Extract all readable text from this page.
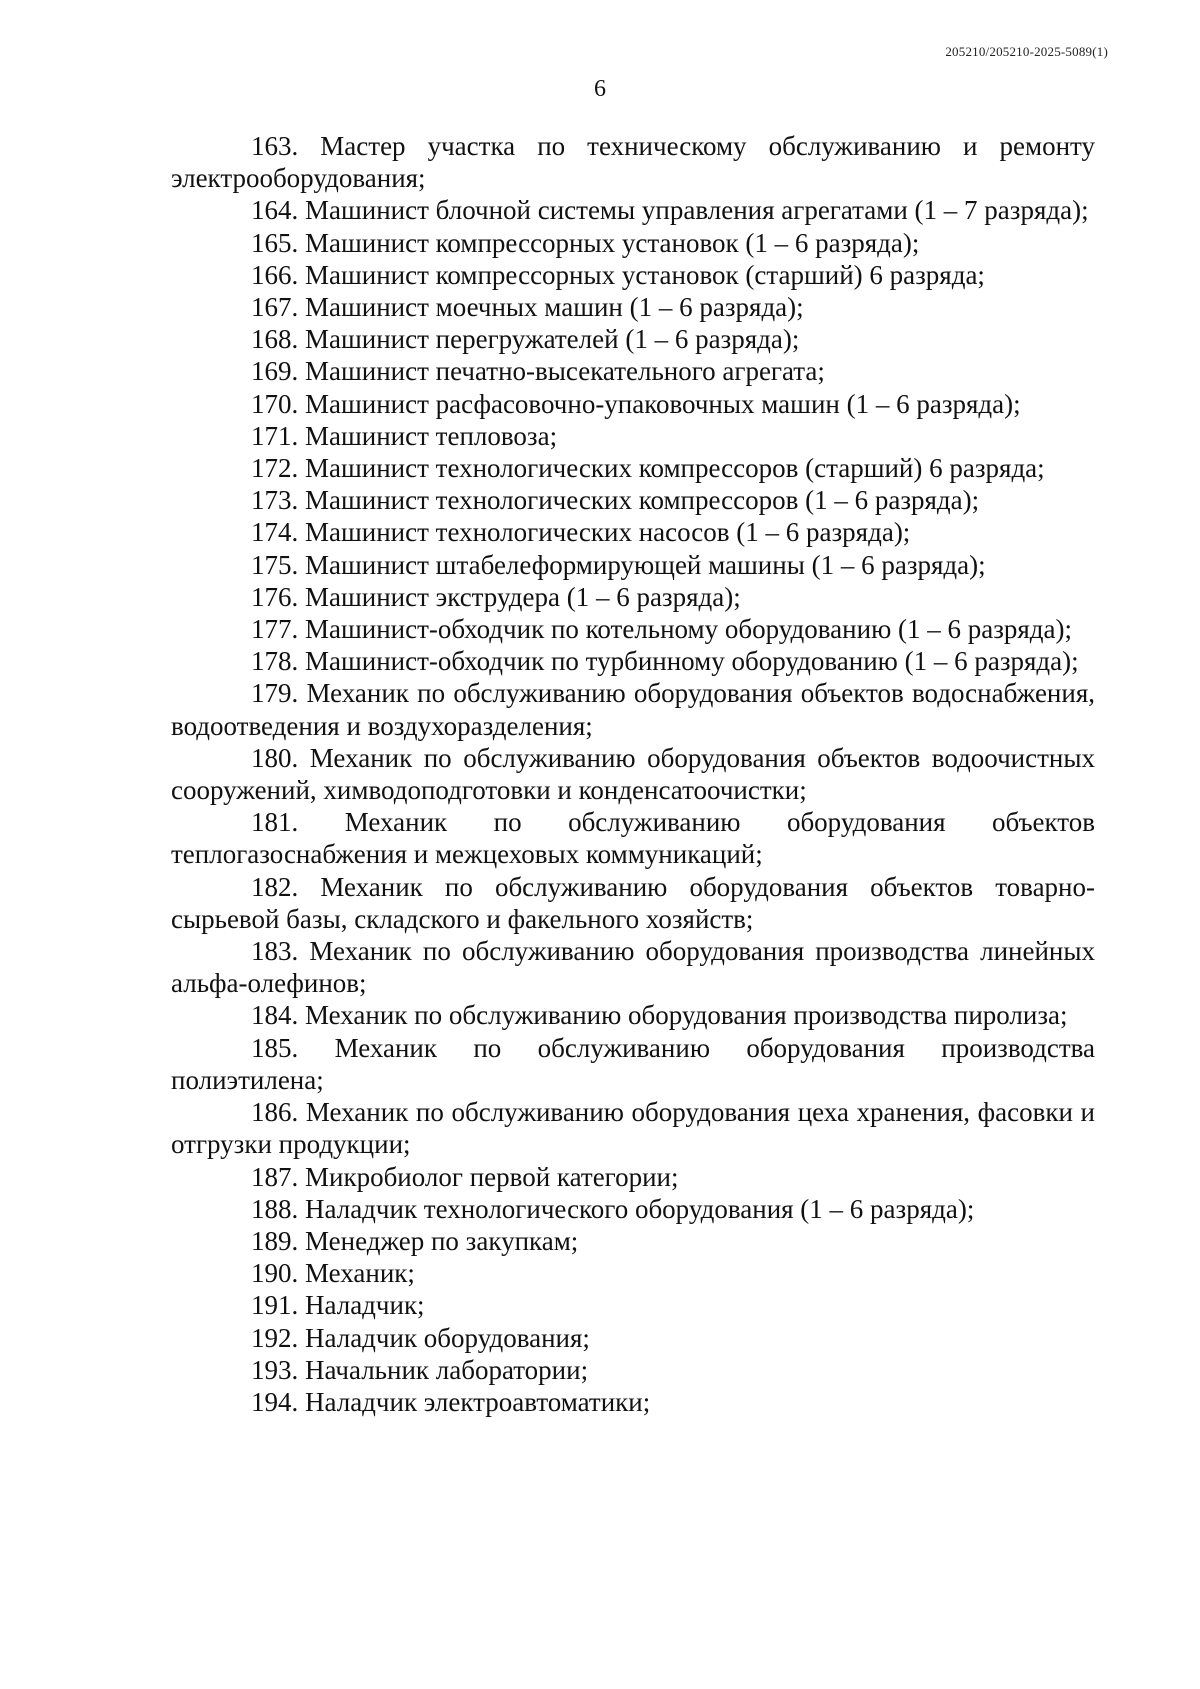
205210/205210-2025-5089(1)
6

163. Мастер участка по техническому обслуживанию и ремонту электрооборудования;

164. Машинист блочной системы управления агрегатами (1 – 7 разряда);

165. Машинист компрессорных установок (1 – 6 разряда);

166. Машинист компрессорных установок (старший) 6 разряда;

167. Машинист моечных машин (1 – 6 разряда);

168. Машинист перегружателей (1 – 6 разряда);

169. Машинист печатно-высекательного агрегата;

170. Машинист расфасовочно-упаковочных машин (1 – 6 разряда);

171. Машинист тепловоза;

172. Машинист технологических компрессоров (старший) 6 разряда;

173. Машинист технологических компрессоров (1 – 6 разряда);

174. Машинист технологических насосов (1 – 6 разряда);

175. Машинист штабелеформирующей машины (1 – 6 разряда);

176. Машинист экструдера (1 – 6 разряда);

177. Машинист-обходчик по котельному оборудованию (1 – 6 разряда);

178. Машинист-обходчик по турбинному оборудованию (1 – 6 разряда);

179. Механик по обслуживанию оборудования объектов водоснабжения, водоотведения и воздухоразделения;

180. Механик по обслуживанию оборудования объектов водоочистных сооружений, химводоподготовки и конденсатоочистки;

181. Механик по обслуживанию оборудования объектов теплогазоснабжения и межцеховых коммуникаций;

182. Механик по обслуживанию оборудования объектов товарно-сырьевой базы, складского и факельного хозяйств;

183. Механик по обслуживанию оборудования производства линейных альфа-олефинов;

184. Механик по обслуживанию оборудования производства пиролиза;

185. Механик по обслуживанию оборудования производства полиэтилена;

186. Механик по обслуживанию оборудования цеха хранения, фасовки и отгрузки продукции;

187. Микробиолог первой категории;

188. Наладчик технологического оборудования (1 – 6 разряда);

189. Менеджер по закупкам;

190. Механик;

191. Наладчик;

192. Наладчик оборудования;

193. Начальник лаборатории;

194. Наладчик электроавтоматики;
